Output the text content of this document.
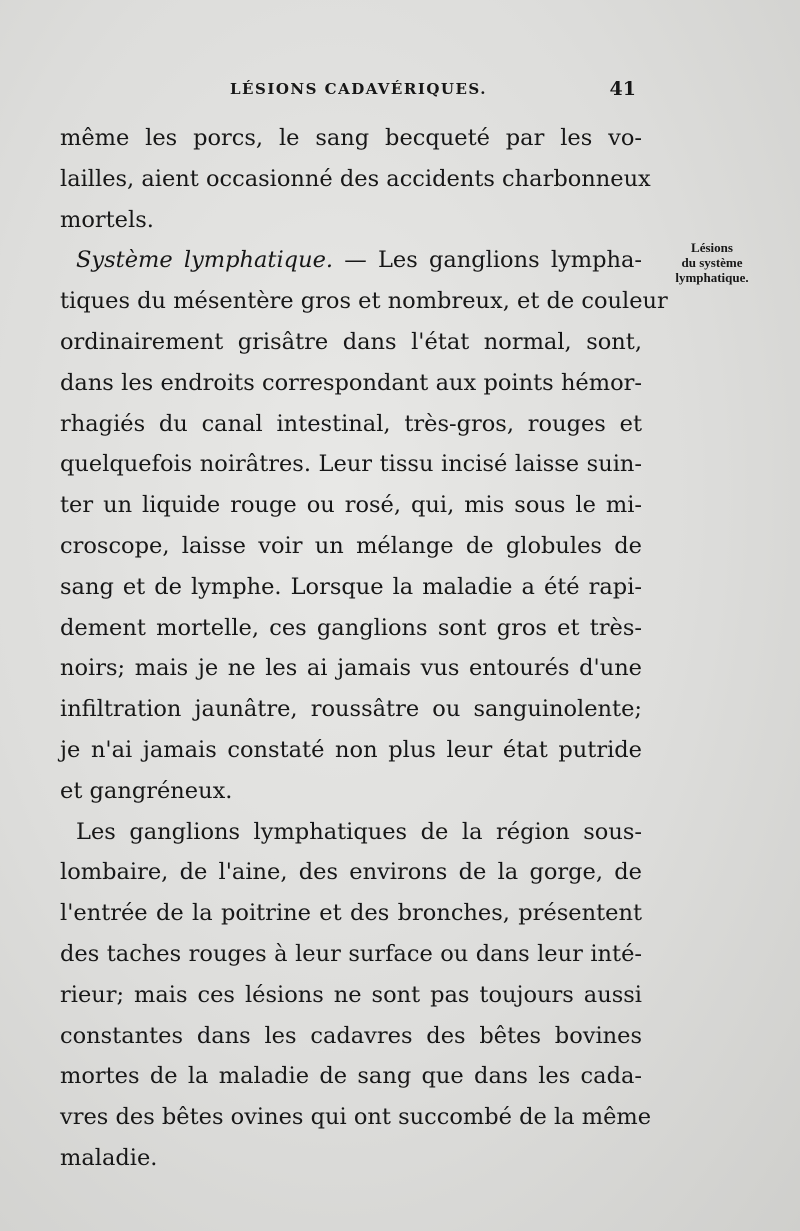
LÉSIONS CADAVÉRIQUES.	41
Lésions
du système
lymphatique.
même les porcs, le sang becqueté par les vo-
lailles, aient occasionné des accidents charbonneux
mortels.
Système lymphatique. — Les ganglions lympha-
tiques du mésentère gros et nombreux, et de couleur
ordinairement grisâtre dans l'état normal, sont,
dans les endroits correspondant aux points hémor-
rhagiés du canal intestinal, très-gros, rouges et
quelquefois noirâtres. Leur tissu incisé laisse suin-
ter un liquide rouge ou rosé, qui, mis sous le mi-
croscope, laisse voir un mélange de globules de
sang et de lymphe. Lorsque la maladie a été rapi-
dement mortelle, ces ganglions sont gros et très-
noirs; mais je ne les ai jamais vus entourés d'une
infiltration jaunâtre, roussâtre ou sanguinolente;
je n'ai jamais constaté non plus leur état putride
et gangréneux.
Les ganglions lymphatiques de la région sous-
lombaire, de l'aine, des environs de la gorge, de
l'entrée de la poitrine et des bronches, présentent
des taches rouges à leur surface ou dans leur inté-
rieur; mais ces lésions ne sont pas toujours aussi
constantes dans les cadavres des bêtes bovines
mortes de la maladie de sang que dans les cada-
vres des bêtes ovines qui ont succombé de la même
maladie.
